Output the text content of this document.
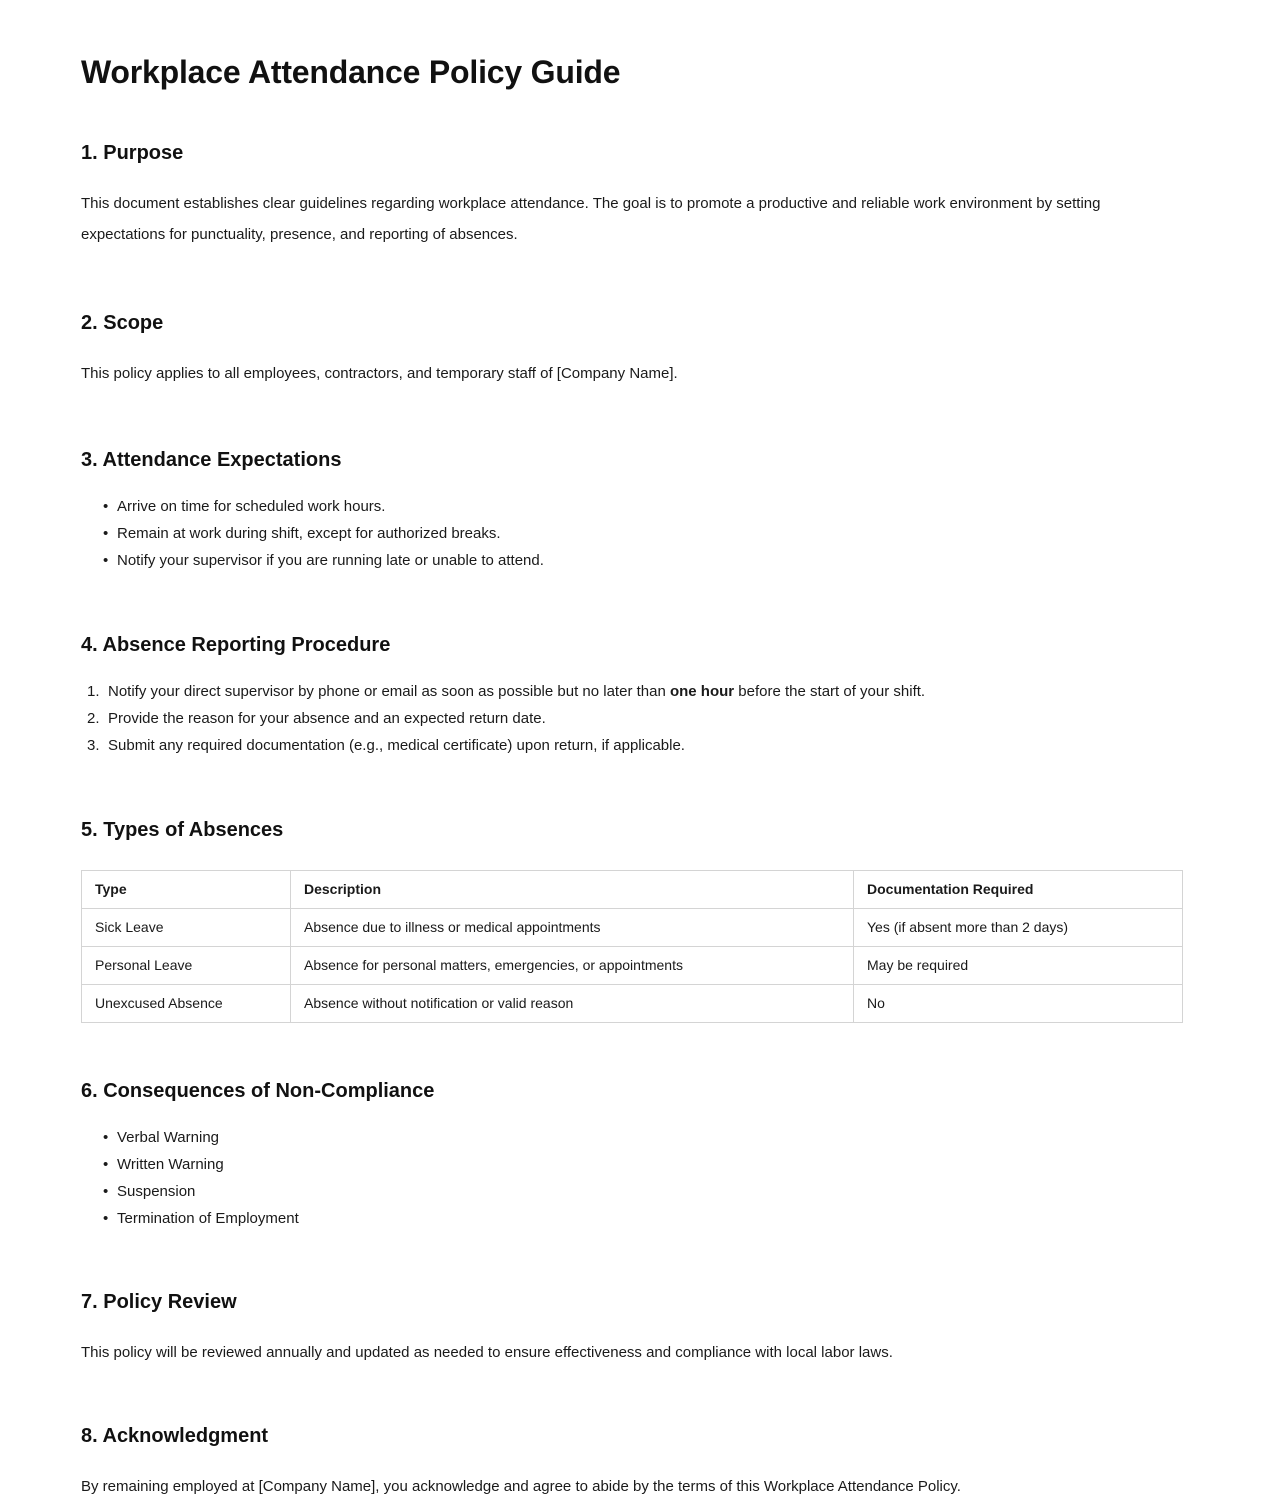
Workplace Attendance Policy Guide
1. Purpose

This document establishes clear guidelines regarding workplace attendance. The goal is to promote a productive and reliable work environment by setting expectations for punctuality, presence, and reporting of absences.

2. Scope

This policy applies to all employees, contractors, and temporary staff of [Company Name].

3. Attendance Expectations
• Arrive on time for scheduled work hours.
• Remain at work during shift, except for authorized breaks.
• Notify your supervisor if you are running late or unable to attend.
4. Absence Reporting Procedure
Notify your direct supervisor by phone or email as soon as possible but no later than one hour before the start of your shift.
Provide the reason for your absence and an expected return date.
Submit any required documentation (e.g., medical certificate) upon return, if applicable.
5. Types of Absences
Type	Description	Documentation Required
Sick Leave	Absence due to illness or medical appointments	Yes (if absent more than 2 days)
Personal Leave	Absence for personal matters, emergencies, or appointments	May be required
Unexcused Absence	Absence without notification or valid reason	No
6. Consequences of Non-Compliance
• Verbal Warning
• Written Warning
• Suspension
• Termination of Employment
7. Policy Review

This policy will be reviewed annually and updated as needed to ensure effectiveness and compliance with local labor laws.

8. Acknowledgment

By remaining employed at [Company Name], you acknowledge and agree to abide by the terms of this Workplace Attendance Policy.
